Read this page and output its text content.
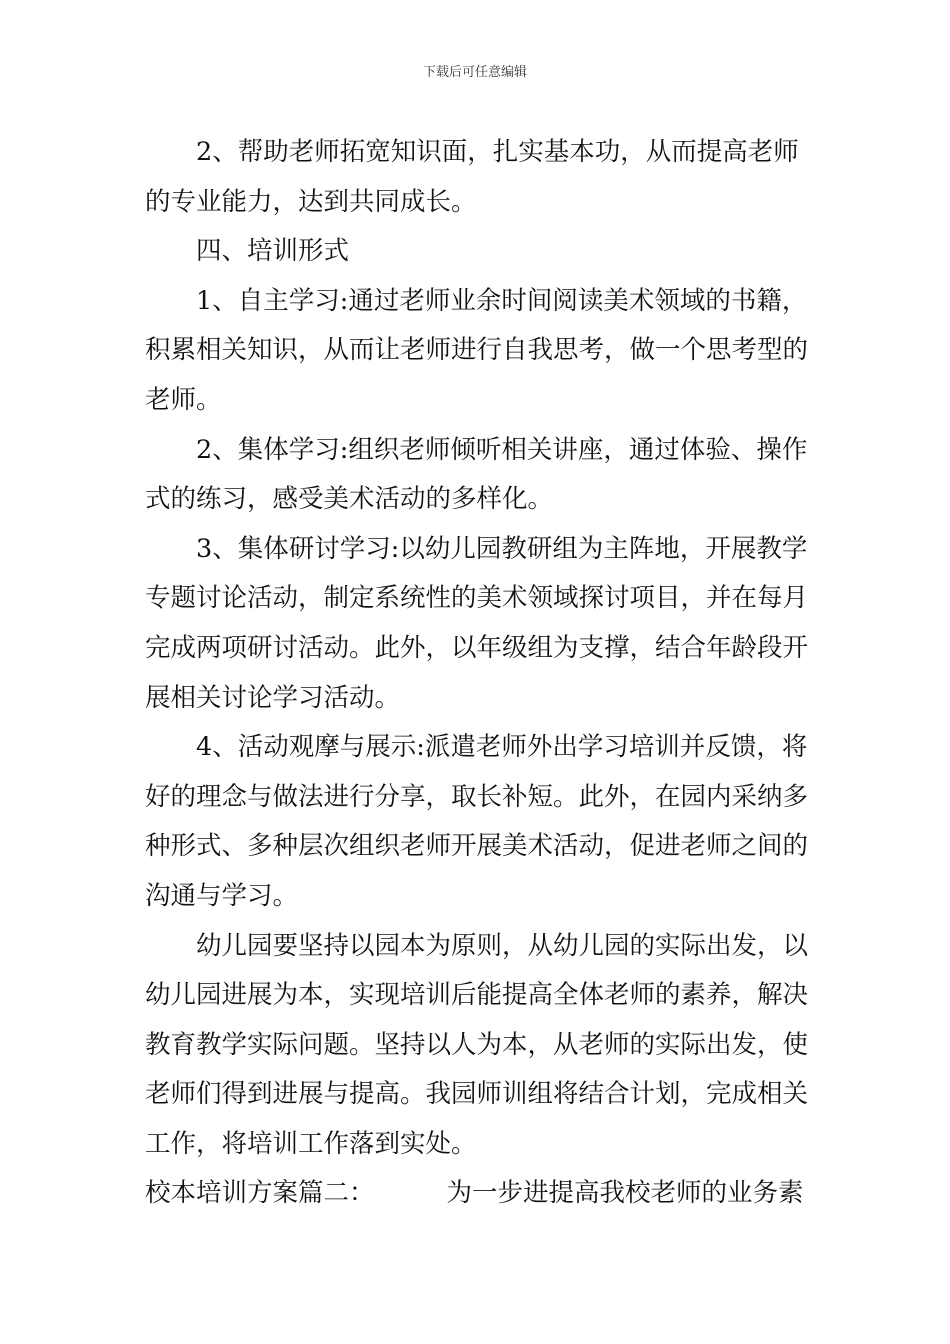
下载后可任意编辑

2、帮助老师拓宽知识面，扎实基本功，从而提高老师的专业能力，达到共同成长。

四、培训形式

1、自主学习:通过老师业余时间阅读美术领域的书籍，积累相关知识，从而让老师进行自我思考，做一个思考型的老师。

2、集体学习:组织老师倾听相关讲座，通过体验、操作式的练习，感受美术活动的多样化。

3、集体研讨学习:以幼儿园教研组为主阵地，开展教学专题讨论活动，制定系统性的美术领域探讨项目，并在每月完成两项研讨活动。此外，以年级组为支撑，结合年龄段开展相关讨论学习活动。

4、活动观摩与展示:派遣老师外出学习培训并反馈，将好的理念与做法进行分享，取长补短。此外，在园内采纳多种形式、多种层次组织老师开展美术活动，促进老师之间的沟通与学习。

幼儿园要坚持以园本为原则，从幼儿园的实际出发，以幼儿园进展为本，实现培训后能提高全体老师的素养，解决教育教学实际问题。坚持以人为本，从老师的实际出发，使老师们得到进展与提高。我园师训组将结合计划，完成相关工作，将培训工作落到实处。

校本培训方案篇二：	为一步进提高我校老师的业务素
